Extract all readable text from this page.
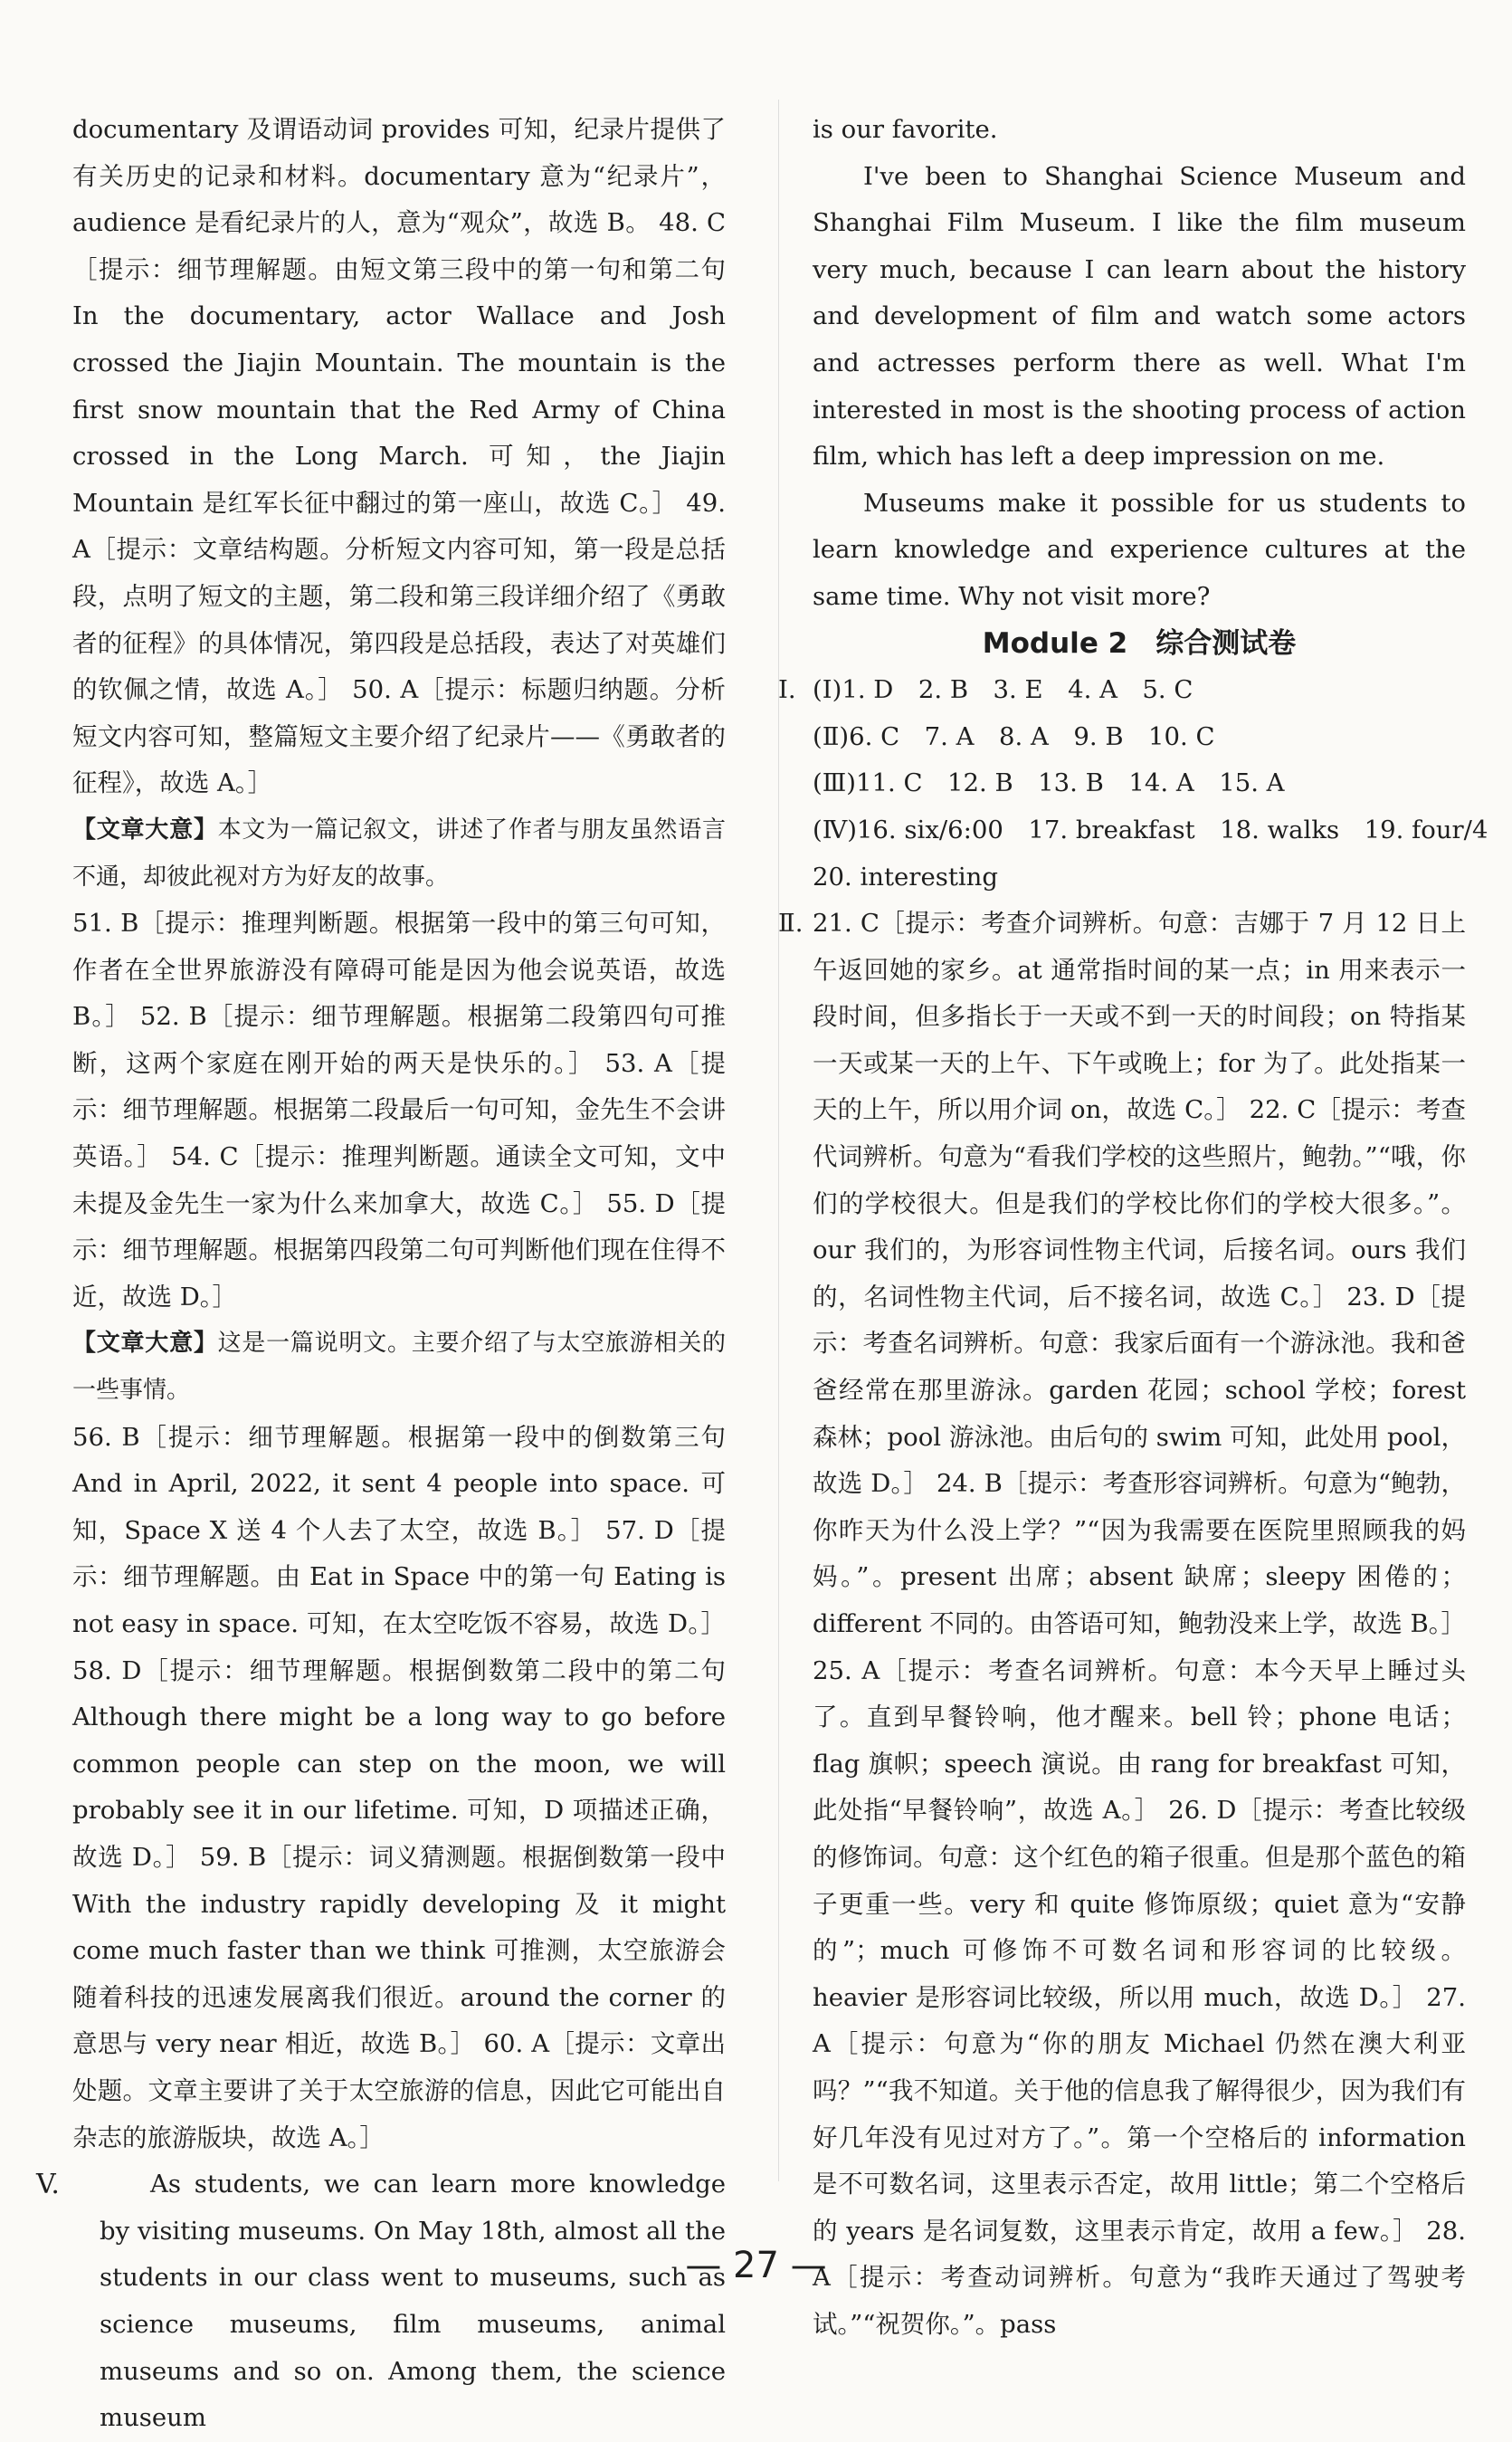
documentary 及谓语动词 provides 可知，纪录片提供了有关历史的记录和材料。documentary 意为“纪录片”，audience 是看纪录片的人，意为“观众”，故选 B。 48. C［提示：细节理解题。由短文第三段中的第一句和第二句 In the documentary, actor Wallace and Josh crossed the Jiajin Mountain. The mountain is the first snow mountain that the Red Army of China crossed in the Long March. 可知，the Jiajin Mountain 是红军长征中翻过的第一座山，故选 C。］ 49. A［提示：文章结构题。分析短文内容可知，第一段是总括段，点明了短文的主题，第二段和第三段详细介绍了《勇敢者的征程》的具体情况，第四段是总括段，表达了对英雄们的钦佩之情，故选 A。］ 50. A［提示：标题归纳题。分析短文内容可知，整篇短文主要介绍了纪录片——《勇敢者的征程》，故选 A。］

【文章大意】本文为一篇记叙文，讲述了作者与朋友虽然语言不通，却彼此视对方为好友的故事。

51. B［提示：推理判断题。根据第一段中的第三句可知，作者在全世界旅游没有障碍可能是因为他会说英语，故选 B。］ 52. B［提示：细节理解题。根据第二段第四句可推断，这两个家庭在刚开始的两天是快乐的。］ 53. A［提示：细节理解题。根据第二段最后一句可知，金先生不会讲英语。］ 54. C［提示：推理判断题。通读全文可知，文中未提及金先生一家为什么来加拿大，故选 C。］ 55. D［提示：细节理解题。根据第四段第二句可判断他们现在住得不近，故选 D。］

【文章大意】这是一篇说明文。主要介绍了与太空旅游相关的一些事情。

56. B［提示：细节理解题。根据第一段中的倒数第三句 And in April, 2022, it sent 4 people into space. 可知，Space X 送 4 个人去了太空，故选 B。］ 57. D［提示：细节理解题。由 Eat in Space 中的第一句 Eating is not easy in space. 可知，在太空吃饭不容易，故选 D。］ 58. D［提示：细节理解题。根据倒数第二段中的第二句 Although there might be a long way to go before common people can step on the moon, we will probably see it in our lifetime. 可知，D 项描述正确，故选 D。］ 59. B［提示：词义猜测题。根据倒数第一段中 With the industry rapidly developing 及 it might come much faster than we think 可推测，太空旅游会随着科技的迅速发展离我们很近。around the corner 的意思与 very near 相近，故选 B。］ 60. A［提示：文章出处题。文章主要讲了关于太空旅游的信息，因此它可能出自杂志的旅游版块，故选 A。］

V.	As students, we can learn more knowledge by visiting museums. On May 18th, almost all the students in our class went to museums, such as science museums, film museums, animal museums and so on. Among them, the science museum

is our favorite.

I've been to Shanghai Science Museum and Shanghai Film Museum. I like the film museum very much, because I can learn about the history and development of film and watch some actors and actresses perform there as well. What I'm interested in most is the shooting process of action film, which has left a deep impression on me.

Museums make it possible for us students to learn knowledge and experience cultures at the same time. Why not visit more?

Module 2　综合测试卷

I. (Ⅰ)1. D　2. B　3. E　4. A　5. C

(Ⅱ)6. C　7. A　8. A　9. B　10. C

(Ⅲ)11. C　12. B　13. B　14. A　15. A

(Ⅳ)16. six/6:00　17. breakfast　18. walks　19. four/4

20. interesting

Ⅱ. 21. C［提示：考查介词辨析。句意：吉娜于 7 月 12 日上午返回她的家乡。at 通常指时间的某一点；in 用来表示一段时间，但多指长于一天或不到一天的时间段；on 特指某一天或某一天的上午、下午或晚上；for 为了。此处指某一天的上午，所以用介词 on，故选 C。］ 22. C［提示：考查代词辨析。句意为“看我们学校的这些照片，鲍勃。”“哦，你们的学校很大。但是我们的学校比你们的学校大很多。”。our 我们的，为形容词性物主代词，后接名词。ours 我们的，名词性物主代词，后不接名词，故选 C。］ 23. D［提示：考查名词辨析。句意：我家后面有一个游泳池。我和爸爸经常在那里游泳。garden 花园；school 学校；forest 森林；pool 游泳池。由后句的 swim 可知，此处用 pool，故选 D。］ 24. B［提示：考查形容词辨析。句意为“鲍勃，你昨天为什么没上学？”“因为我需要在医院里照顾我的妈妈。”。present 出席；absent 缺席；sleepy 困倦的；different 不同的。由答语可知，鲍勃没来上学，故选 B。］ 25. A［提示：考查名词辨析。句意：本今天早上睡过头了。直到早餐铃响，他才醒来。bell 铃；phone 电话；flag 旗帜；speech 演说。由 rang for breakfast 可知，此处指“早餐铃响”，故选 A。］ 26. D［提示：考查比较级的修饰词。句意：这个红色的箱子很重。但是那个蓝色的箱子更重一些。very 和 quite 修饰原级；quiet 意为“安静的”；much 可修饰不可数名词和形容词的比较级。heavier 是形容词比较级，所以用 much，故选 D。］ 27. A［提示：句意为“你的朋友 Michael 仍然在澳大利亚吗？”“我不知道。关于他的信息我了解得很少，因为我们有好几年没有见过对方了。”。第一个空格后的 information 是不可数名词，这里表示否定，故用 little；第二个空格后的 years 是名词复数，这里表示肯定，故用 a few。］ 28. A［提示：考查动词辨析。句意为“我昨天通过了驾驶考试。”“祝贺你。”。pass

— 27 —
